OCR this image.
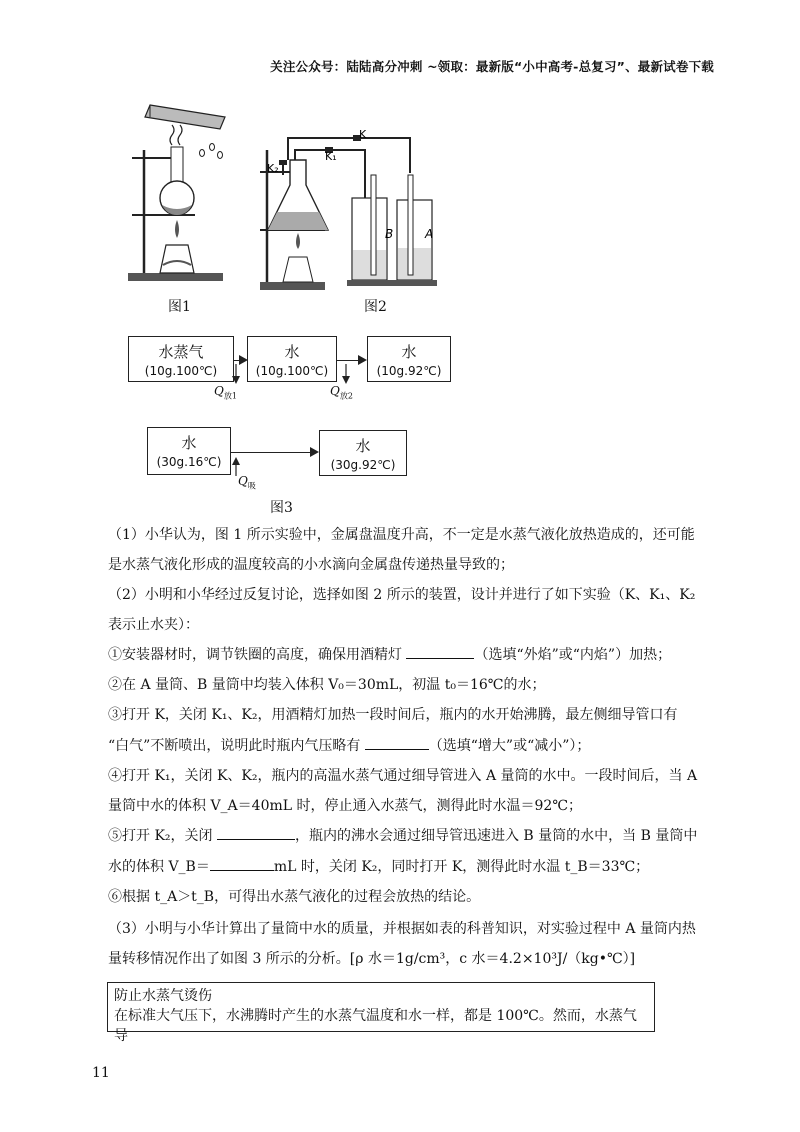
关注公众号：陆陆高分冲刺 ~领取：最新版“小中高考-总复习”、最新试卷下载
K
K₁
K₂
B	A
图1	图2
水蒸气
(10g.100℃)
水
(10g.100℃)
水
(10g.92℃)
$Q_{放1}$	$Q_{放2}$
水
(30g.16℃)
水
(30g.92℃)
$Q_吸$
图3
（1）小华认为，图 1 所示实验中，金属盘温度升高，不一定是水蒸气液化放热造成的，还可能
是水蒸气液化形成的温度较高的小水滴向金属盘传递热量导致的；
（2）小明和小华经过反复讨论，选择如图 2 所示的装置，设计并进行了如下实验（K、K₁、K₂
表示止水夹）：
①安装器材时，调节铁圈的高度，确保用酒精灯	（选填“外焰”或“内焰”）加热；
②在 A 量筒、B 量筒中均装入体积 V₀＝30mL，初温 t₀＝16℃的水；
③打开 K，关闭 K₁、K₂，用酒精灯加热一段时间后，瓶内的水开始沸腾，最左侧细导管口有
“白气”不断喷出，说明此时瓶内气压略有	（选填“增大”或“减小”）；
④打开 K₁，关闭 K、K₂，瓶内的高温水蒸气通过细导管进入 A 量筒的水中。一段时间后，当 A
量筒中水的体积 V_A＝40mL 时，停止通入水蒸气，测得此时水温＝92℃；
⑤打开 K₂，关闭	，瓶内的沸水会通过细导管迅速进入 B 量筒的水中，当 B 量筒中
水的体积 V_B＝	mL 时，关闭 K₂，同时打开 K，测得此时水温 t_B＝33℃；
⑥根据 t_A＞t_B，可得出水蒸气液化的过程会放热的结论。
（3）小明与小华计算出了量筒中水的质量，并根据如表的科普知识，对实验过程中 A 量筒内热
量转移情况作出了如图 3 所示的分析。[ρ 水＝1g/cm³，c 水＝4.2×10³J/（kg•℃）]
防止水蒸气烫伤
在标准大气压下，水沸腾时产生的水蒸气温度和水一样，都是 100℃。然而，水蒸气导
11
